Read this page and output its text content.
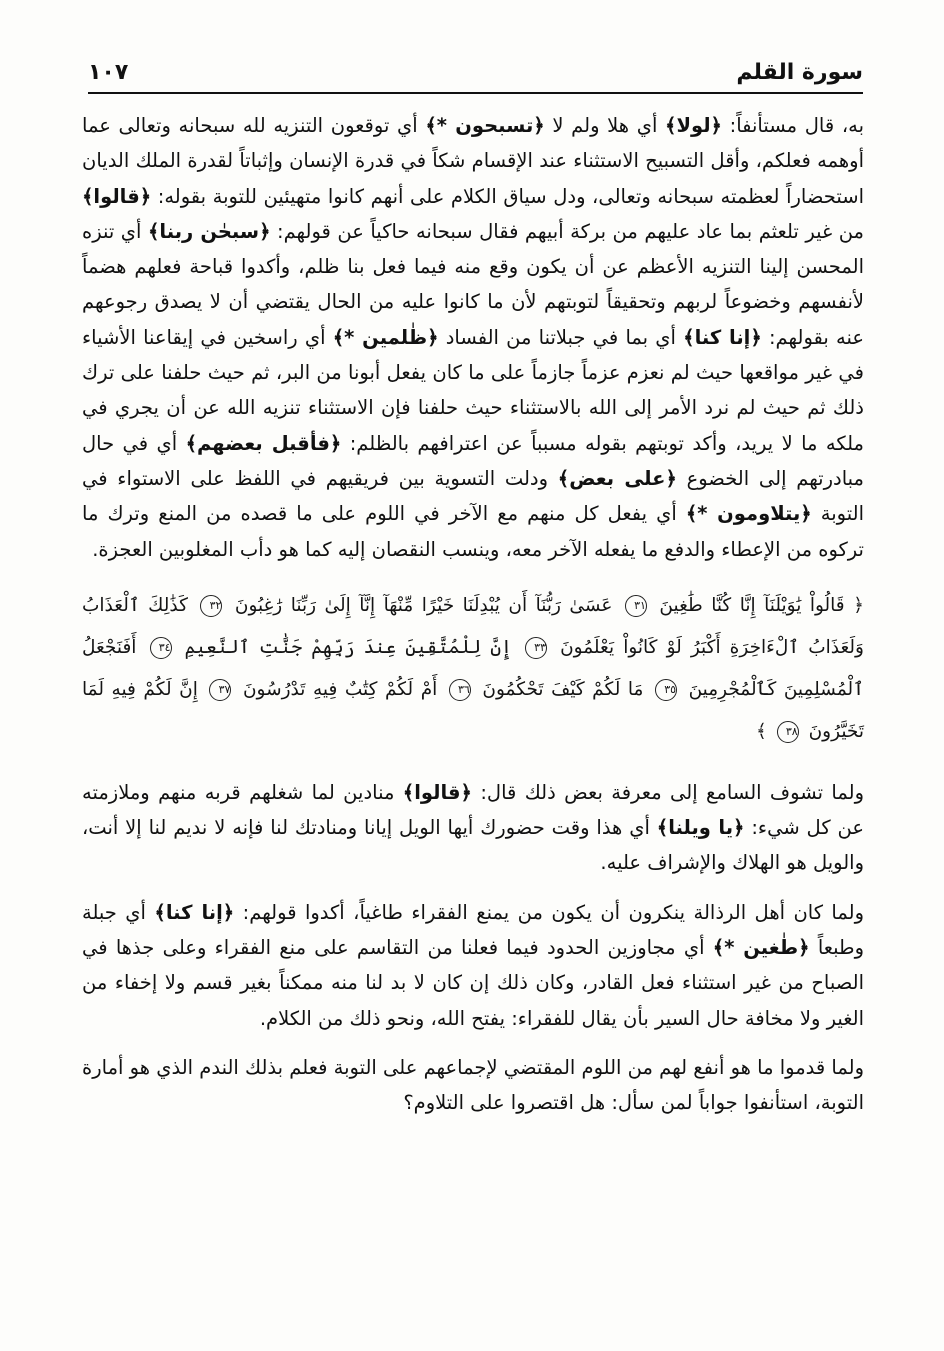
سورة القلم
١٠٧

به، قال مستأنفاً: ﴿لولا﴾ أي هلا ولم لا ﴿تسبحون *﴾ أي توقعون التنزيه لله سبحانه وتعالى عما أوهمه فعلكم، وأقل التسبيح الاستثناء عند الإقسام شكاً في قدرة الإنسان وإثباتاً لقدرة الملك الديان استحضاراً لعظمته سبحانه وتعالى، ودل سياق الكلام على أنهم كانوا متهيئين للتوبة بقوله: ﴿قالوا﴾ من غير تلعثم بما عاد عليهم من بركة أبيهم فقال سبحانه حاكياً عن قولهم: ﴿سبحٰن ربنا﴾ أي تنزه المحسن إلينا التنزيه الأعظم عن أن يكون وقع منه فيما فعل بنا ظلم، وأكدوا قباحة فعلهم هضماً لأنفسهم وخضوعاً لربهم وتحقيقاً لتوبتهم لأن ما كانوا عليه من الحال يقتضي أن لا يصدق رجوعهم عنه بقولهم: ﴿إنا كنا﴾ أي بما في جبلاتنا من الفساد ﴿ظٰلمين *﴾ أي راسخين في إيقاعنا الأشياء في غير مواقعها حيث لم نعزم عزماً جازماً على ما كان يفعل أبونا من البر، ثم حيث حلفنا على ترك ذلك ثم حيث لم نرد الأمر إلى الله بالاستثناء حيث حلفنا فإن الاستثناء تنزيه الله عن أن يجري في ملكه ما لا يريد، وأكد توبتهم بقوله مسبباً عن اعترافهم بالظلم: ﴿فأقبل بعضهم﴾ أي في حال مبادرتهم إلى الخضوع ﴿على بعض﴾ ودلت التسوية بين فريقيهم في اللفظ على الاستواء في التوبة ﴿يتلاومون *﴾ أي يفعل كل منهم مع الآخر في اللوم على ما قصده من المنع وترك ما تركوه من الإعطاء والدفع ما يفعله الآخر معه، وينسب النقصان إليه كما هو دأب المغلوبين العجزة.

﴿ قَالُواْ يَٰوَيْلَنَآ إِنَّا كُنَّا طَٰغِينَ ٣١ عَسَىٰ رَبُّنَآ أَن يُبْدِلَنَا خَيْرًا مِّنْهَآ إِنَّآ إِلَىٰ رَبِّنَا رَٰغِبُونَ ٣٢ كَذَٰلِكَ ٱلْعَذَابُ وَلَعَذَابُ ٱلْءَاخِرَةِ أَكْبَرُ لَوْ كَانُواْ يَعْلَمُونَ ٣٣ إِنَّ لِلْمُتَّقِينَ عِندَ رَبِّهِمْ جَنَّٰتِ ٱلنَّعِيمِ ٣٤ أَفَنَجْعَلُ ٱلْمُسْلِمِينَ كَٱلْمُجْرِمِينَ ٣٥ مَا لَكُمْ كَيْفَ تَحْكُمُونَ ٣٦ أَمْ لَكُمْ كِتَٰبٌ فِيهِ تَدْرُسُونَ ٣٧ إِنَّ لَكُمْ فِيهِ لَمَا تَخَيَّرُونَ ٣٨ ﴾

ولما تشوف السامع إلى معرفة بعض ذلك قال: ﴿قالوا﴾ منادين لما شغلهم قربه منهم وملازمته عن كل شيء: ﴿يا ويلنا﴾ أي هذا وقت حضورك أيها الويل إيانا ومنادتك لنا فإنه لا نديم لنا إلا أنت، والويل هو الهلاك والإشراف عليه.

ولما كان أهل الرذالة ينكرون أن يكون من يمنع الفقراء طاغياً، أكدوا قولهم: ﴿إنا كنا﴾ أي جبلة وطبعاً ﴿طٰغين *﴾ أي مجاوزين الحدود فيما فعلنا من التقاسم على منع الفقراء وعلى جذها في الصباح من غير استثناء فعل القادر، وكان ذلك إن كان لا بد لنا منه ممكناً بغير قسم ولا إخفاء من الغير ولا مخافة حال السير بأن يقال للفقراء: يفتح الله، ونحو ذلك من الكلام.

ولما قدموا ما هو أنفع لهم من اللوم المقتضي لإجماعهم على التوبة فعلم بذلك الندم الذي هو أمارة التوبة، استأنفوا جواباً لمن سأل: هل اقتصروا على التلاوم؟
